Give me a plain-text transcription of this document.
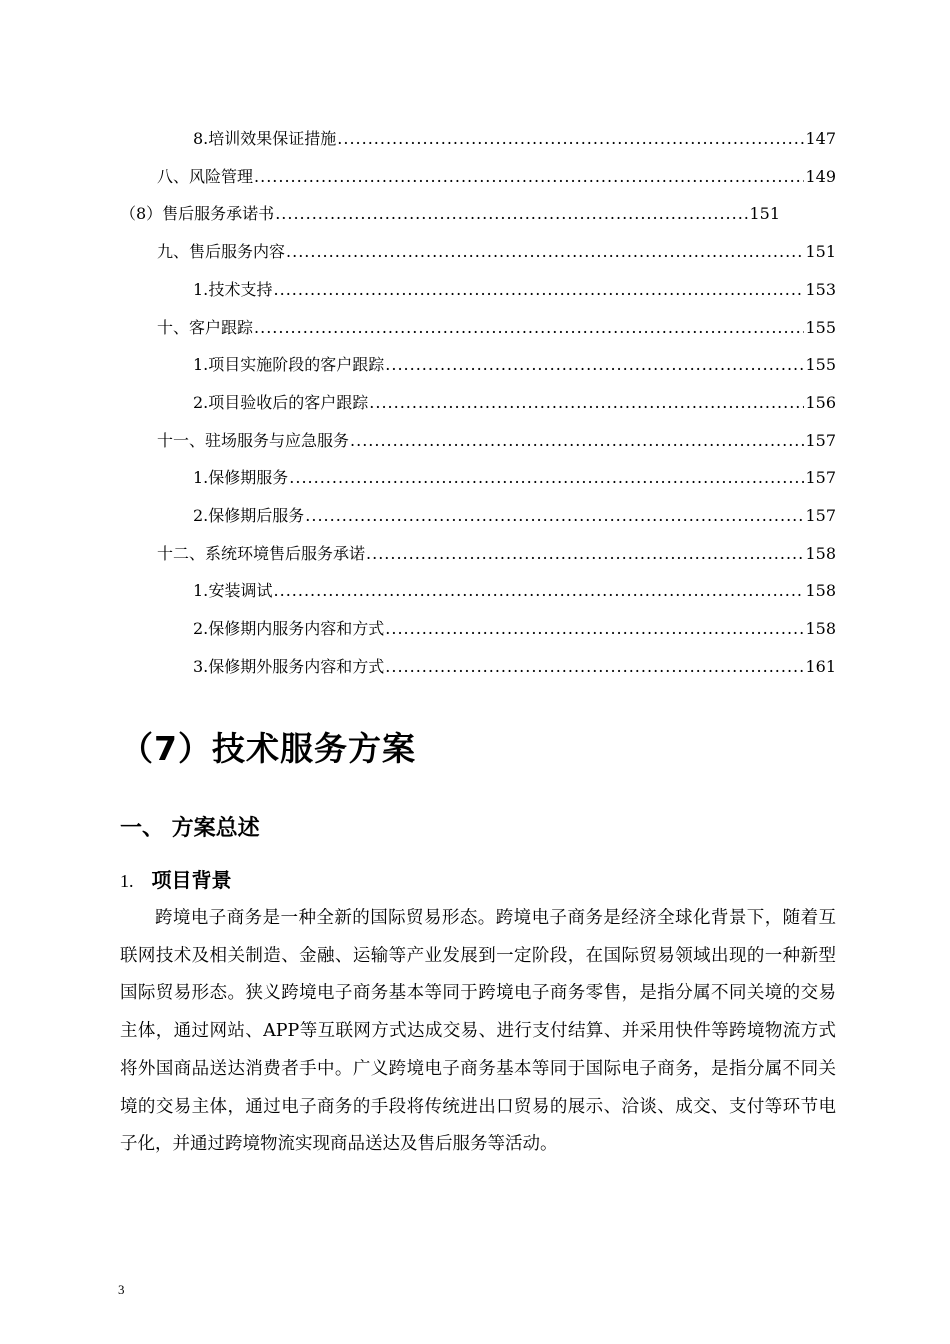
8. 培训效果保证措施 .....	147
八、 风险管理 .....	149
（8）售后服务承诺书 .....	151
九、 售后服务内容 .....	151
1. 技术支持 .....	153
十、 客户跟踪 .....	155
1. 项目实施阶段的客户跟踪 .....	155
2. 项目验收后的客户跟踪 .....	156
十一、 驻场服务与应急服务 .....	157
1. 保修期服务 .....	157
2. 保修期后服务 .....	157
十二、 系统环境售后服务承诺 .....	158
1. 安装调试 .....	158
2. 保修期内服务内容和方式 .....	158
3. 保修期外服务内容和方式 .....	161
（7）技术服务方案
一、 方案总述
1. 项目背景

跨境电子商务是一种全新的国际贸易形态。跨境电子商务是经济全球化背景下，随着互联网技术及相关制造、金融、运输等产业发展到一定阶段，在国际贸易领域出现的一种新型国际贸易形态。狭义跨境电子商务基本等同于跨境电子商务零售，是指分属不同关境的交易主体，通过网站、APP等互联网方式达成交易、进行支付结算、并采用快件等跨境物流方式将外国商品送达消费者手中。广义跨境电子商务基本等同于国际电子商务，是指分属不同关境的交易主体，通过电子商务的手段将传统进出口贸易的展示、洽谈、成交、支付等环节电子化，并通过跨境物流实现商品送达及售后服务等活动。

3
